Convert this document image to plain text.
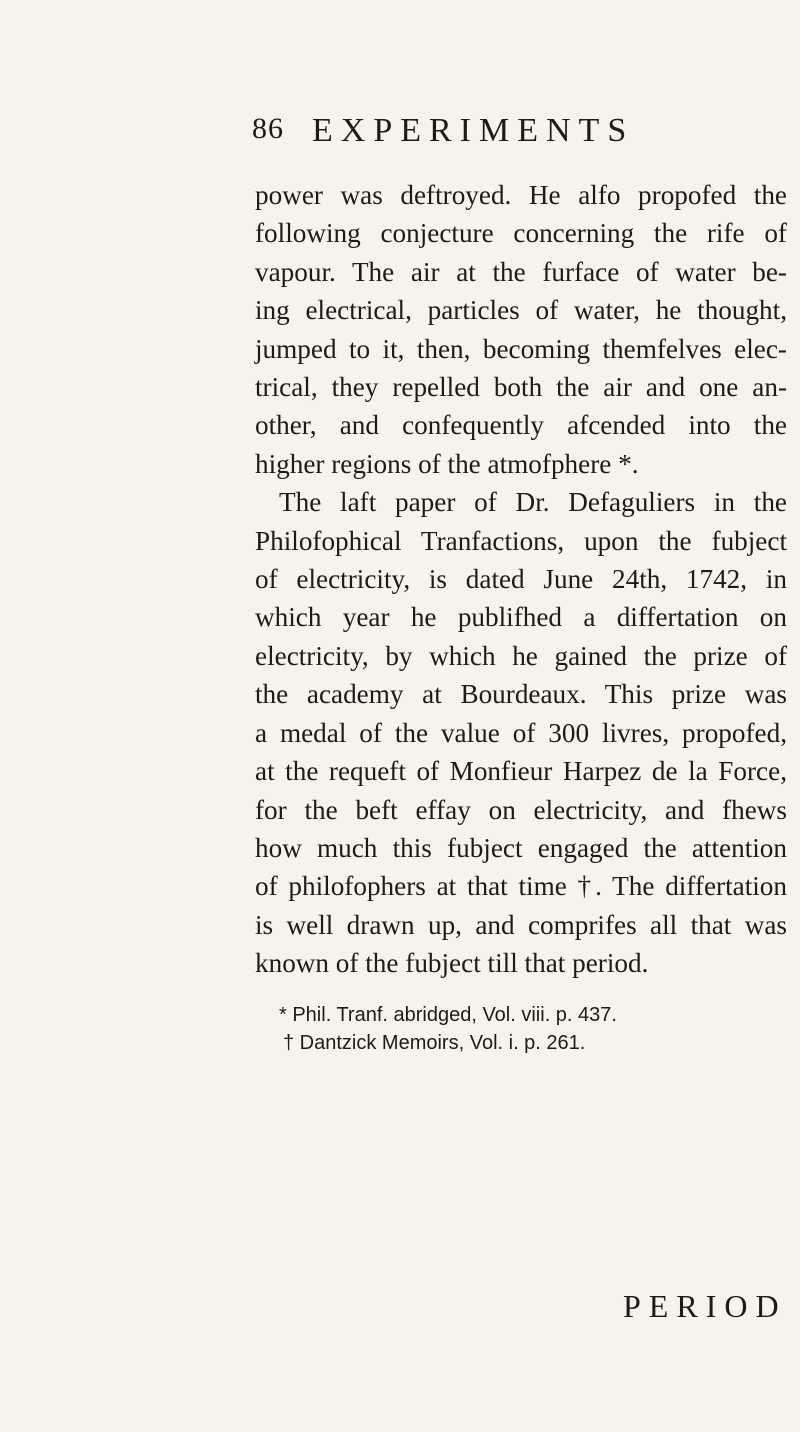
86 EXPERIMENTS
power was deftroyed. He alfo propofed the
following conjecture concerning the rife of
vapour. The air at the furface of water be-
ing electrical, particles of water, he thought,
jumped to it, then, becoming themfelves elec-
trical, they repelled both the air and one an-
other, and confequently afcended into the
higher regions of the atmofphere *.
The laft paper of Dr. Defaguliers in the
Philofophical Tranfactions, upon the fubject
of electricity, is dated June 24th, 1742, in
which year he publifhed a differtation on
electricity, by which he gained the prize of
the academy at Bourdeaux. This prize was
a medal of the value of 300 livres, propofed,
at the requeft of Monfieur Harpez de la Force,
for the beft effay on electricity, and fhews
how much this fubject engaged the attention
of philofophers at that time †. The differtation
is well drawn up, and comprifes all that was
known of the fubject till that period.
* Phil. Tranf. abridged, Vol. viii. p. 437.
† Dantzick Memoirs, Vol. i. p. 261.
PERIOD
